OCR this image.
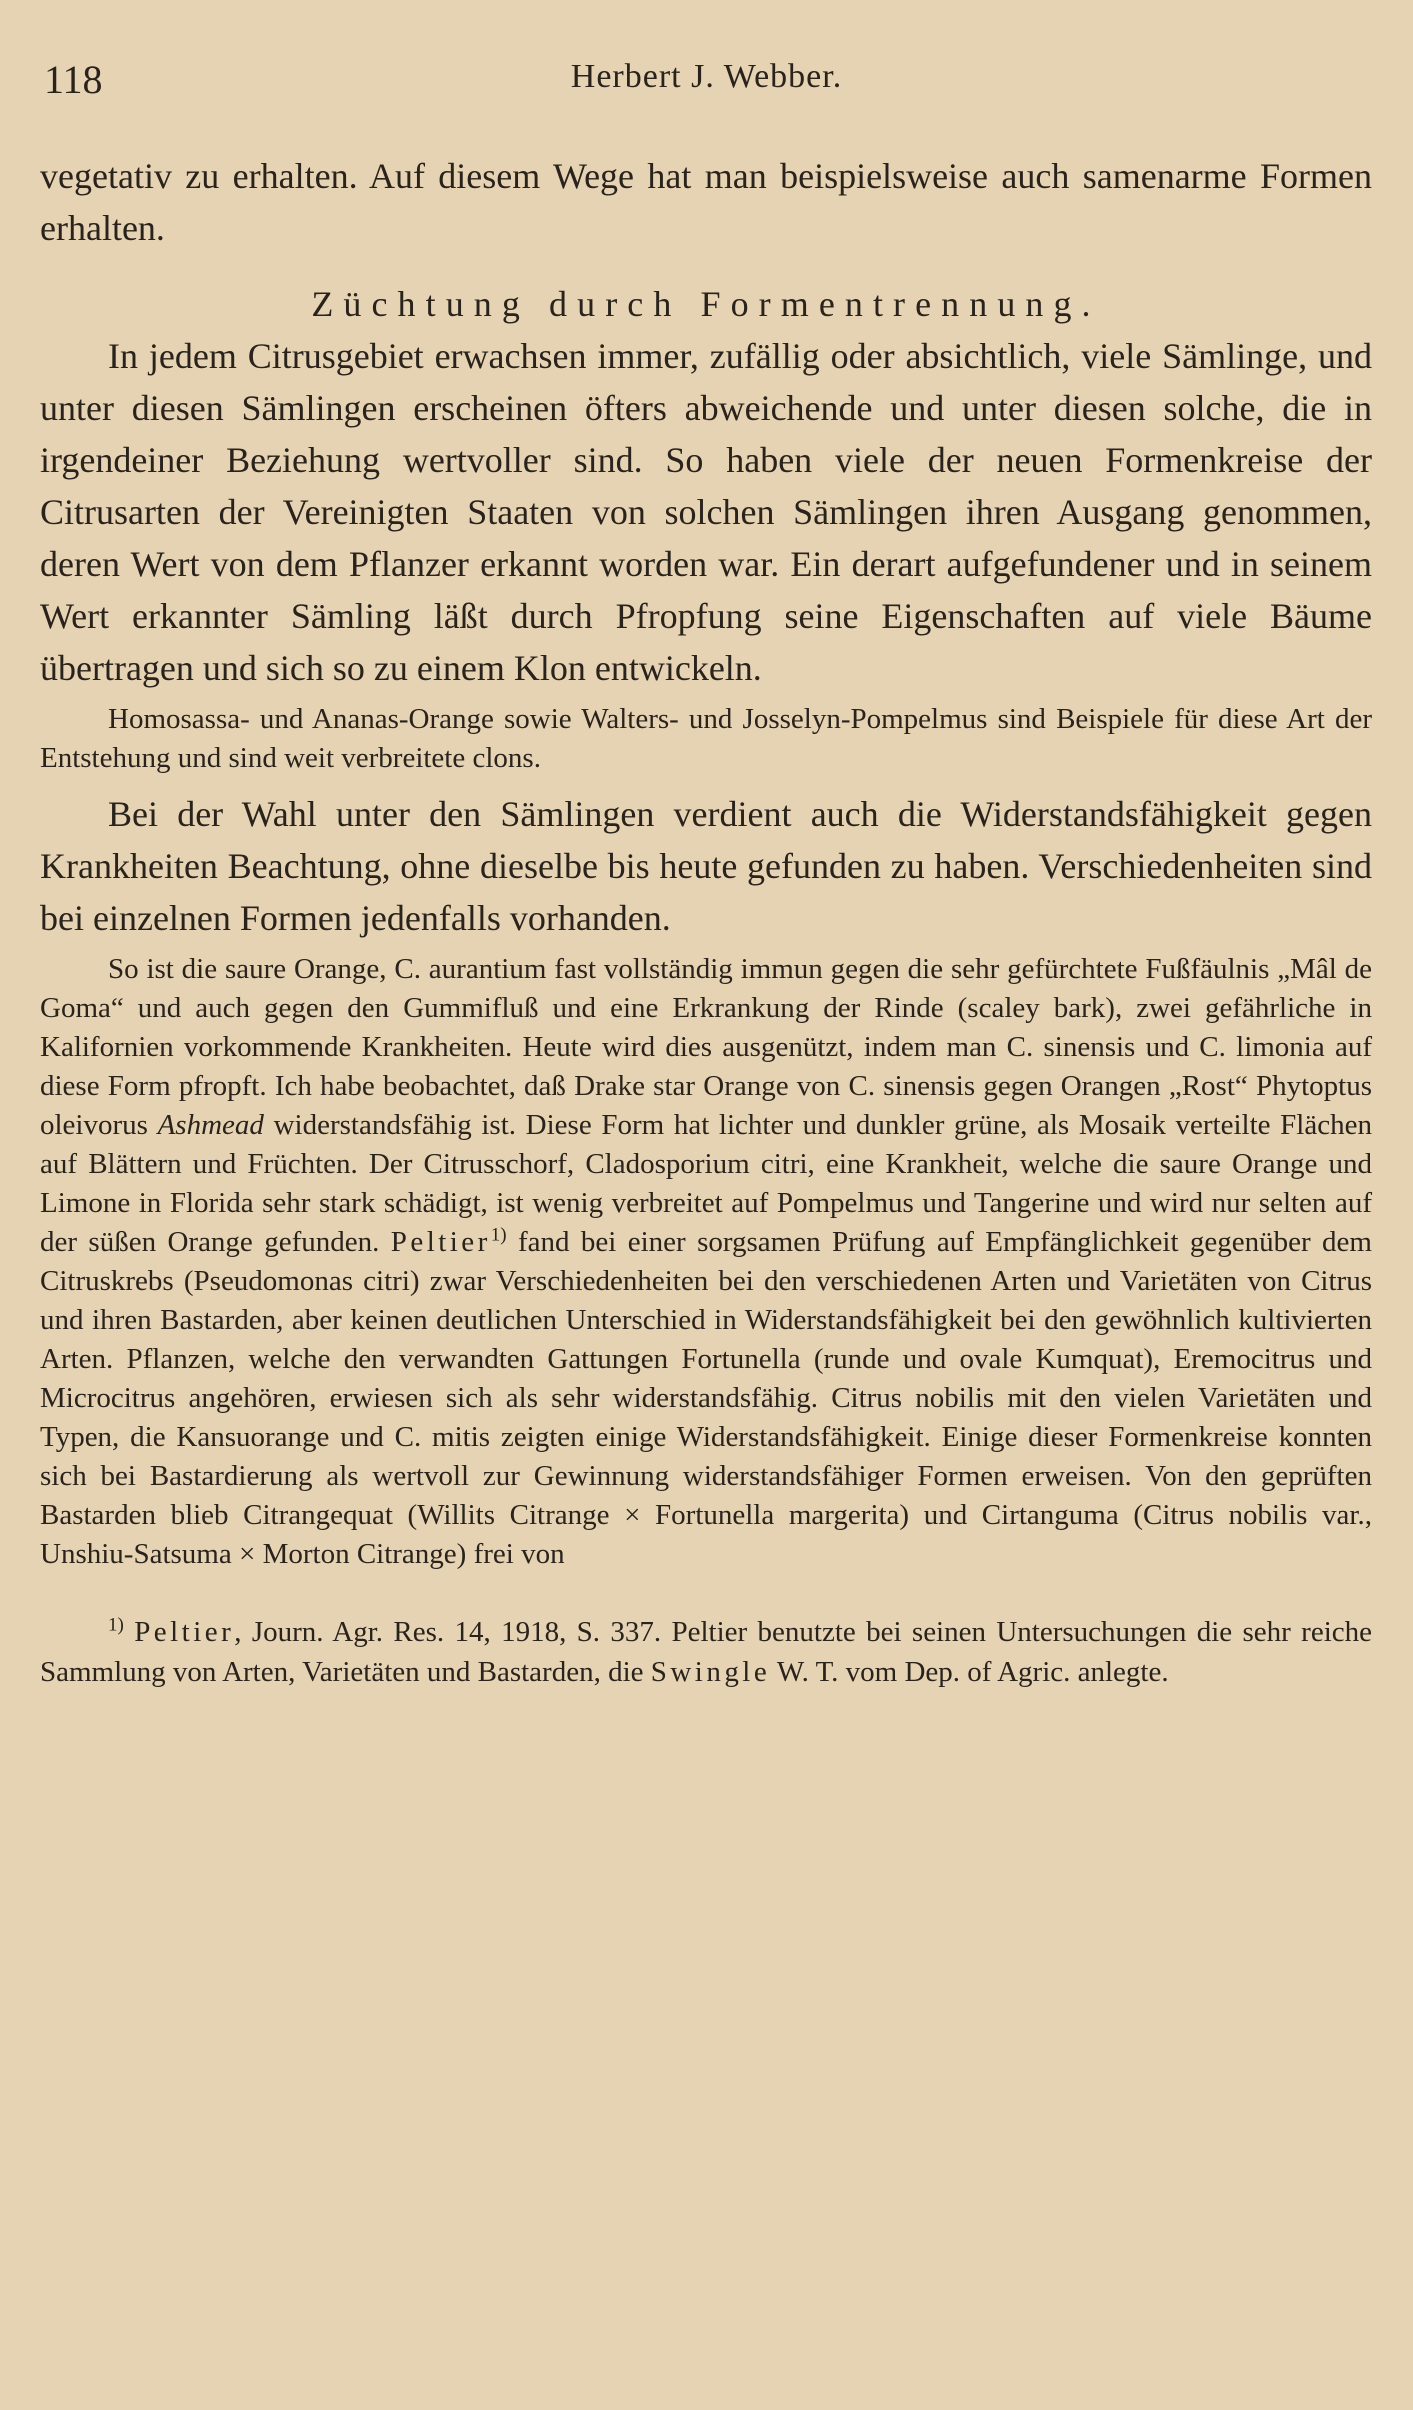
118	Herbert J. Webber.

vegetativ zu erhalten. Auf diesem Wege hat man beispielsweise auch samenarme Formen erhalten.

Züchtung durch Formentrennung.

In jedem Citrusgebiet erwachsen immer, zufällig oder absichtlich, viele Sämlinge, und unter diesen Sämlingen erscheinen öfters abweichende und unter diesen solche, die in irgendeiner Beziehung wertvoller sind. So haben viele der neuen Formenkreise der Citrusarten der Vereinigten Staaten von solchen Sämlingen ihren Ausgang genommen, deren Wert von dem Pflanzer erkannt worden war. Ein derart aufgefundener und in seinem Wert erkannter Sämling läßt durch Pfropfung seine Eigenschaften auf viele Bäume übertragen und sich so zu einem Klon entwickeln.

Homosassa- und Ananas-Orange sowie Walters- und Josselyn-Pompelmus sind Beispiele für diese Art der Entstehung und sind weit verbreitete clons.

Bei der Wahl unter den Sämlingen verdient auch die Widerstandsfähigkeit gegen Krankheiten Beachtung, ohne dieselbe bis heute gefunden zu haben. Verschiedenheiten sind bei einzelnen Formen jedenfalls vorhanden.

So ist die saure Orange, C. aurantium fast vollständig immun gegen die sehr gefürchtete Fußfäulnis „Mâl de Goma“ und auch gegen den Gummifluß und eine Erkrankung der Rinde (scaley bark), zwei gefährliche in Kalifornien vorkommende Krankheiten. Heute wird dies ausgenützt, indem man C. sinensis und C. limonia auf diese Form pfropft. Ich habe beobachtet, daß Drake star Orange von C. sinensis gegen Orangen „Rost“ Phytoptus oleivorus Ashmead widerstandsfähig ist. Diese Form hat lichter und dunkler grüne, als Mosaik verteilte Flächen auf Blättern und Früchten. Der Citrusschorf, Cladosporium citri, eine Krankheit, welche die saure Orange und Limone in Florida sehr stark schädigt, ist wenig verbreitet auf Pompelmus und Tangerine und wird nur selten auf der süßen Orange gefunden. Peltier$^{1)}$ fand bei einer sorgsamen Prüfung auf Empfänglichkeit gegenüber dem Citruskrebs (Pseudomonas citri) zwar Verschiedenheiten bei den verschiedenen Arten und Varietäten von Citrus und ihren Bastarden, aber keinen deutlichen Unterschied in Widerstandsfähigkeit bei den gewöhnlich kultivierten Arten. Pflanzen, welche den verwandten Gattungen Fortunella (runde und ovale Kumquat), Eremocitrus und Microcitrus angehören, erwiesen sich als sehr widerstandsfähig. Citrus nobilis mit den vielen Varietäten und Typen, die Kansuorange und C. mitis zeigten einige Widerstandsfähigkeit. Einige dieser Formenkreise konnten sich bei Bastardierung als wertvoll zur Gewinnung widerstandsfähiger Formen erweisen. Von den geprüften Bastarden blieb Citrangequat (Willits Citrange × Fortunella margerita) und Cirtanguma (Citrus nobilis var., Unshiu-Satsuma × Morton Citrange) frei von

$^{1)}$ Peltier, Journ. Agr. Res. 14, 1918, S. 337. Peltier benutzte bei seinen Untersuchungen die sehr reiche Sammlung von Arten, Varietäten und Bastarden, die Swingle W. T. vom Dep. of Agric. anlegte.
